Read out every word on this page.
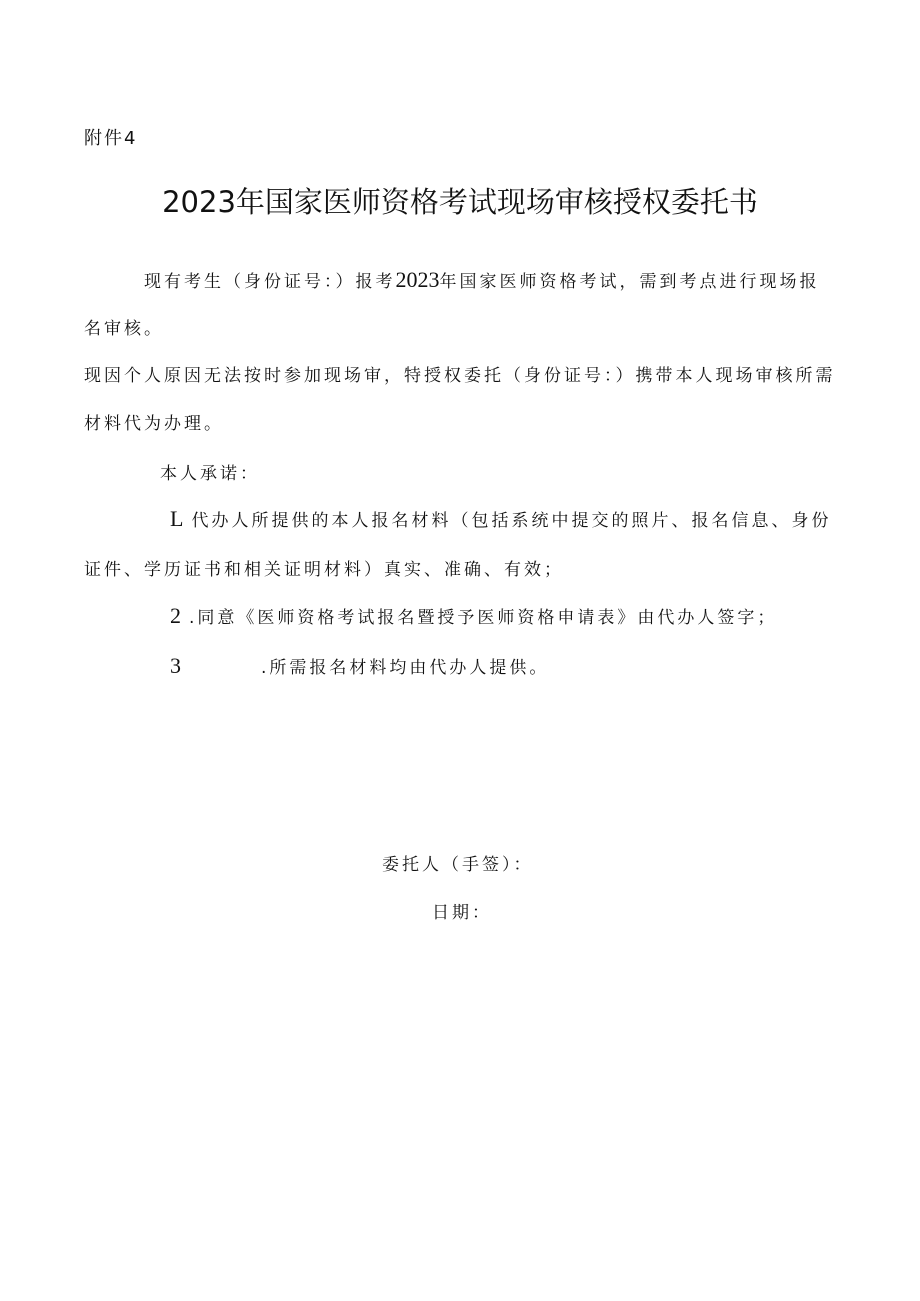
附件4
2023年国家医师资格考试现场审核授权委托书
现有考生（身份证号：）报考2023年国家医师资格考试，需到考点进行现场报
名审核。
现因个人原因无法按时参加现场审，特授权委托（身份证号：）携带本人现场审核所需
材料代为办理。
本人承诺：
L 代办人所提供的本人报名材料（包括系统中提交的照片、报名信息、身份
证件、学历证书和相关证明材料）真实、准确、有效；
2 .同意《医师资格考试报名暨授予医师资格申请表》由代办人签字；
3	.所需报名材料均由代办人提供。
委托人（手签）：
日期：
